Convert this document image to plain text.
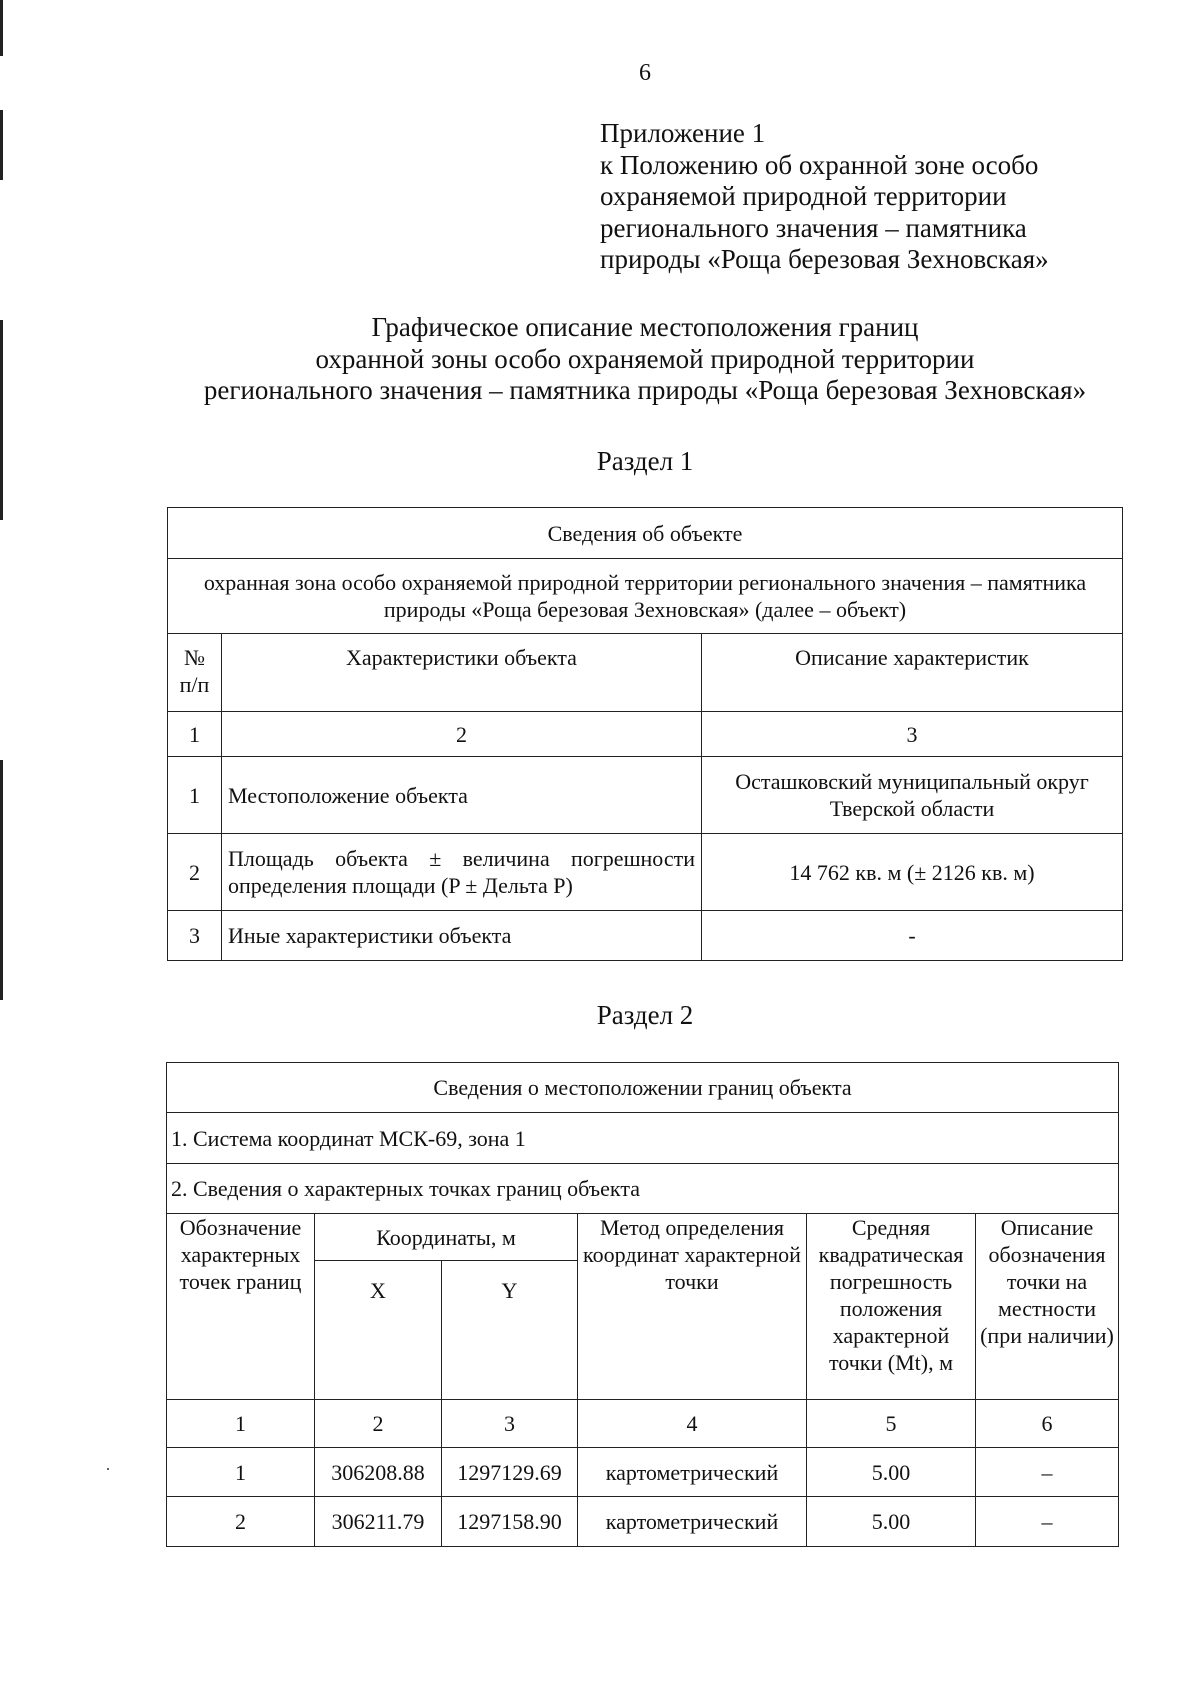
6
Приложение 1
к Положению об охранной зоне особо
охраняемой природной территории
регионального значения – памятника
природы «Роща березовая Зехновская»
Графическое описание местоположения границ
охранной зоны особо охраняемой природной территории
регионального значения – памятника природы «Роща березовая Зехновская»
Раздел 1
Сведения об объекте		
охранная зона особо охраняемой природной территории регионального значения – памятника природы «Роща березовая Зехновская» (далее – объект)		
№ п/п	Характеристики объекта	Описание характеристик
1	2	3
1	Местоположение объекта	Осташковский муниципальный округ Тверской области
2	Площадь объекта ± величина погрешности определения площади (P ± Дельта P)	14 762 кв. м (± 2126 кв. м)
3	Иные характеристики объекта	-
Раздел 2
Сведения о местоположении границ объекта					
1. Система координат МСК-69, зона 1					
2. Сведения о характерных точках границ объекта					
Обозначение характерных точек границ	Координаты, м		Метод определения координат характерной точки	Средняя квадратическая погрешность положения характерной точки (Mt), м	Описание обозначения точки на местности (при наличии)
	X	Y			
1	2	3	4	5	6
1	306208.88	1297129.69	картометрический	5.00	–
2	306211.79	1297158.90	картометрический	5.00	–
